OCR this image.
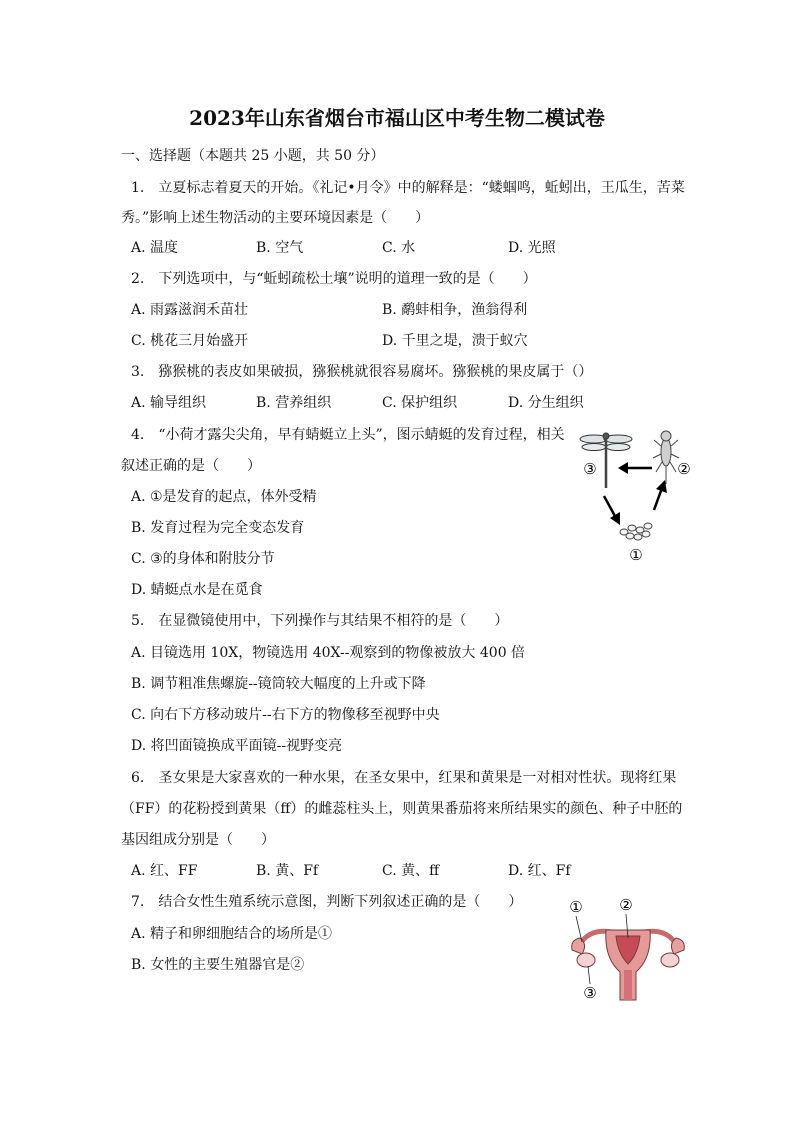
2023年山东省烟台市福山区中考生物二模试卷
一、选择题（本题共 25 小题，共 50 分）
1.　立夏标志着夏天的开始。《礼记•月令》中的解释是：“蝼蝈鸣，蚯蚓出，王瓜生，苦菜
秀。”影响上述生物活动的主要环境因素是（　　）
A. 温度	B. 空气	C. 水	D. 光照
2.　下列选项中，与“蚯蚓疏松土壤”说明的道理一致的是（　　）
A. 雨露滋润禾苗壮	B. 鹬蚌相争，渔翁得利
C. 桃花三月始盛开	D. 千里之堤，溃于蚁穴
3.　猕猴桃的表皮如果破损，猕猴桃就很容易腐坏。猕猴桃的果皮属于（）
A. 输导组织	B. 营养组织	C. 保护组织	D. 分生组织
4.　“小荷才露尖尖角，早有蜻蜓立上头”，图示蜻蜓的发育过程，相关
叙述正确的是（　　）
A. ①是发育的起点，体外受精
B. 发育过程为完全变态发育
C. ③的身体和附肢分节
D. 蜻蜓点水是在觅食
③	②
①
5.　在显微镜使用中，下列操作与其结果不相符的是（　　）
A. 目镜选用 10X，物镜选用 40X--观察到的物像被放大 400 倍
B. 调节粗准焦螺旋--镜筒较大幅度的上升或下降
C. 向右下方移动玻片--右下方的物像移至视野中央
D. 将凹面镜换成平面镜--视野变亮
6.　圣女果是大家喜欢的一种水果，在圣女果中，红果和黄果是一对相对性状。现将红果
（FF）的花粉授到黄果（ff）的雌蕊柱头上，则黄果番茄将来所结果实的颜色、种子中胚的
基因组成分别是（　　）
A. 红、FF	B. 黄、Ff	C. 黄、ff	D. 红、Ff
7.　结合女性生殖系统示意图，判断下列叙述正确的是（　　）
A. 精子和卵细胞结合的场所是①
B. 女性的主要生殖器官是②
① ②
③
